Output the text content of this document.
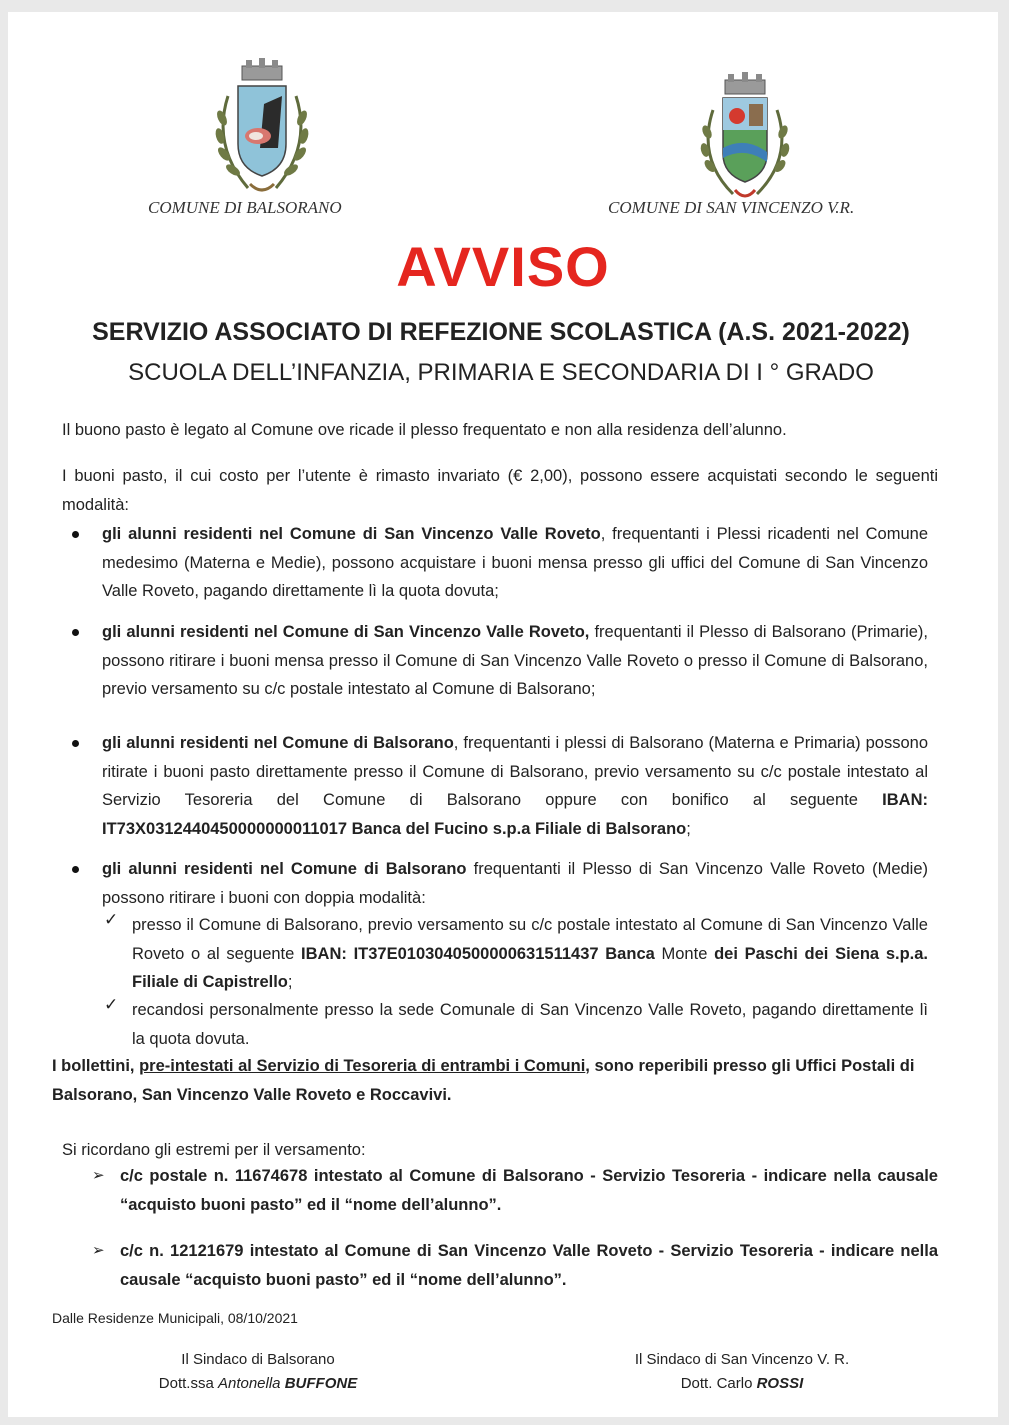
COMUNE DI BALSORANO	COMUNE DI SAN VINCENZO V.R.
AVVISO
SERVIZIO ASSOCIATO DI REFEZIONE SCOLASTICA (A.S. 2021-2022)
SCUOLA DELL’INFANZIA, PRIMARIA E SECONDARIA DI I ° GRADO
Il buono pasto è legato al Comune ove ricade il plesso frequentato e non alla residenza dell’alunno.
I buoni pasto, il cui costo per l’utente è rimasto invariato (€ 2,00), possono essere acquistati secondo le seguenti modalità:
gli alunni residenti nel Comune di San Vincenzo Valle Roveto, frequentanti i Plessi ricadenti nel Comune medesimo (Materna e Medie), possono acquistare i buoni mensa presso gli uffici del Comune di San Vincenzo Valle Roveto, pagando direttamente lì la quota dovuta;
gli alunni residenti nel Comune di San Vincenzo Valle Roveto, frequentanti il Plesso di Balsorano (Primarie), possono ritirare i buoni mensa presso il Comune di San Vincenzo Valle Roveto o presso il Comune di Balsorano, previo versamento su c/c postale intestato al Comune di Balsorano;
gli alunni residenti nel Comune di Balsorano, frequentanti i plessi di Balsorano (Materna e Primaria) possono ritirate i buoni pasto direttamente presso il Comune di Balsorano, previo versamento su c/c postale intestato al Servizio Tesoreria del Comune di Balsorano oppure con bonifico al seguente IBAN: IT73X0312440450000000011017 Banca del Fucino s.p.a Filiale di Balsorano;
gli alunni residenti nel Comune di Balsorano frequentanti il Plesso di San Vincenzo Valle Roveto (Medie) possono ritirare i buoni con doppia modalità:
✓ presso il Comune di Balsorano, previo versamento su c/c postale intestato al Comune di San Vincenzo Valle Roveto o al seguente IBAN: IT37E0103040500000631511437 Banca Monte dei Paschi dei Siena s.p.a. Filiale di Capistrello;
✓ recandosi personalmente presso la sede Comunale di San Vincenzo Valle Roveto, pagando direttamente lì la quota dovuta.
I bollettini, pre-intestati al Servizio di Tesoreria di entrambi i Comuni, sono reperibili presso gli Uffici Postali di Balsorano, San Vincenzo Valle Roveto e Roccavivi.
Si ricordano gli estremi per il versamento:
➢ c/c postale n. 11674678 intestato al Comune di Balsorano - Servizio Tesoreria - indicare nella causale “acquisto buoni pasto” ed il “nome dell’alunno”.
➢ c/c n. 12121679 intestato al Comune di San Vincenzo Valle Roveto - Servizio Tesoreria - indicare nella causale “acquisto buoni pasto” ed il “nome dell’alunno”.
Dalle Residenze Municipali, 08/10/2021
Il Sindaco di Balsorano
Dott.ssa Antonella BUFFONE
Il Sindaco di San Vincenzo V. R.
Dott. Carlo ROSSI
